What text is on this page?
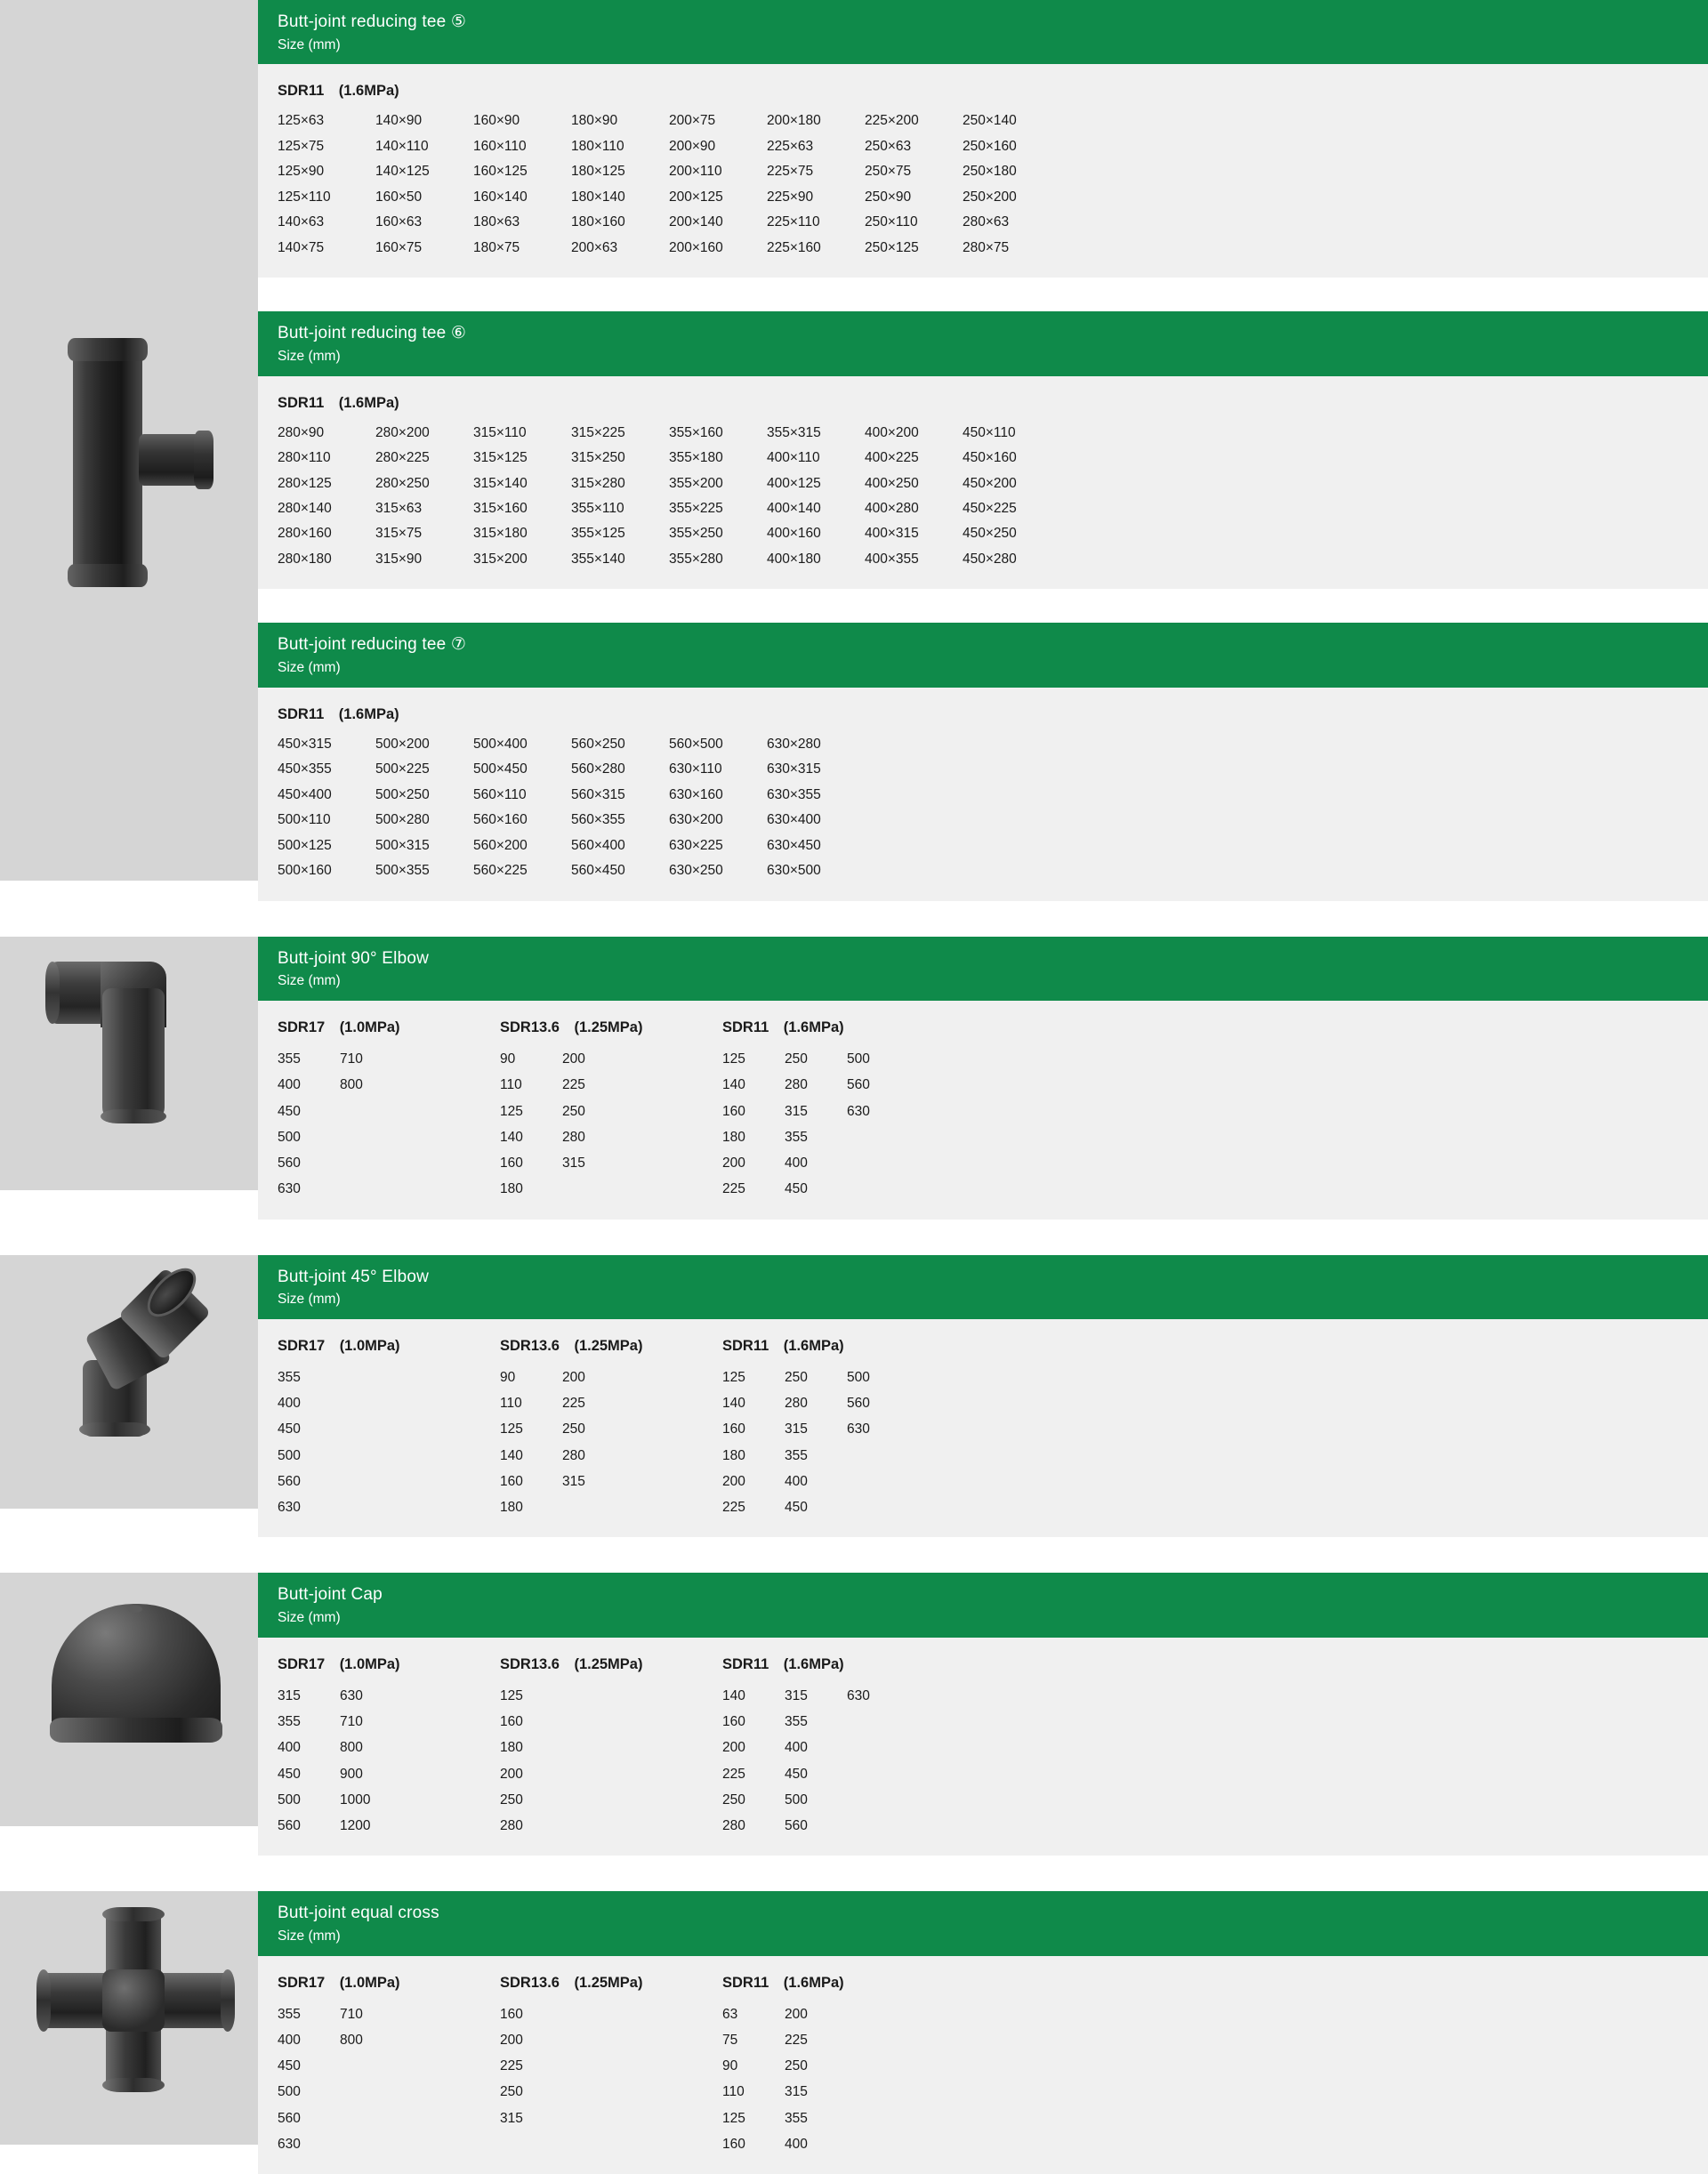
Butt-joint reducing tee ⑤
Size (mm)
SDR11　(1.6MPa)
125×63	140×90	160×90	180×90	200×75	200×180	225×200	250×140
125×75	140×110	160×110	180×110	200×90	225×63	250×63	250×160
125×90	140×125	160×125	180×125	200×110	225×75	250×75	250×180
125×110	160×50	160×140	180×140	200×125	225×90	250×90	250×200
140×63	160×63	180×63	180×160	200×140	225×110	250×110	280×63
140×75	160×75	180×75	200×63	200×160	225×160	250×125	280×75
Butt-joint reducing tee ⑥
Size (mm)
SDR11　(1.6MPa)
280×90	280×200	315×110	315×225	355×160	355×315	400×200	450×110
280×110	280×225	315×125	315×250	355×180	400×110	400×225	450×160
280×125	280×250	315×140	315×280	355×200	400×125	400×250	450×200
280×140	315×63	315×160	355×110	355×225	400×140	400×280	450×225
280×160	315×75	315×180	355×125	355×250	400×160	400×315	450×250
280×180	315×90	315×200	355×140	355×280	400×180	400×355	450×280
Butt-joint reducing tee ⑦
Size (mm)
SDR11　(1.6MPa)
450×315	500×200	500×400	560×250	560×500	630×280
450×355	500×225	500×450	560×280	630×110	630×315
450×400	500×250	560×110	560×315	630×160	630×355
500×110	500×280	560×160	560×355	630×200	630×400
500×125	500×315	560×200	560×400	630×225	630×450
500×160	500×355	560×225	560×450	630×250	630×500
Butt-joint 90° Elbow
Size (mm)
SDR17　(1.0MPa)
355	710
400	800
450
500
560
630
SDR13.6　(1.25MPa)
90	200
110	225
125	250
140	280
160	315
180
SDR11　(1.6MPa)
125	250	500
140	280	560
160	315	630
180	355
200	400
225	450
Butt-joint 45° Elbow
Size (mm)
SDR17　(1.0MPa)
355
400
450
500
560
630
SDR13.6　(1.25MPa)
90	200
110	225
125	250
140	280
160	315
180
SDR11　(1.6MPa)
125	250	500
140	280	560
160	315	630
180	355
200	400
225	450
Butt-joint Cap
Size (mm)
SDR17　(1.0MPa)
315	630
355	710
400	800
450	900
500	1000
560	1200
SDR13.6　(1.25MPa)
125
160
180
200
250
280
SDR11　(1.6MPa)
140	315	630
160	355
200	400
225	450
250	500
280	560
Butt-joint equal cross
Size (mm)
SDR17　(1.0MPa)
355	710
400	800
450
500
560
630
SDR13.6　(1.25MPa)
160
200
225
250
315
SDR11　(1.6MPa)
63	200
75	225
90	250
110	315
125	355
160	400
